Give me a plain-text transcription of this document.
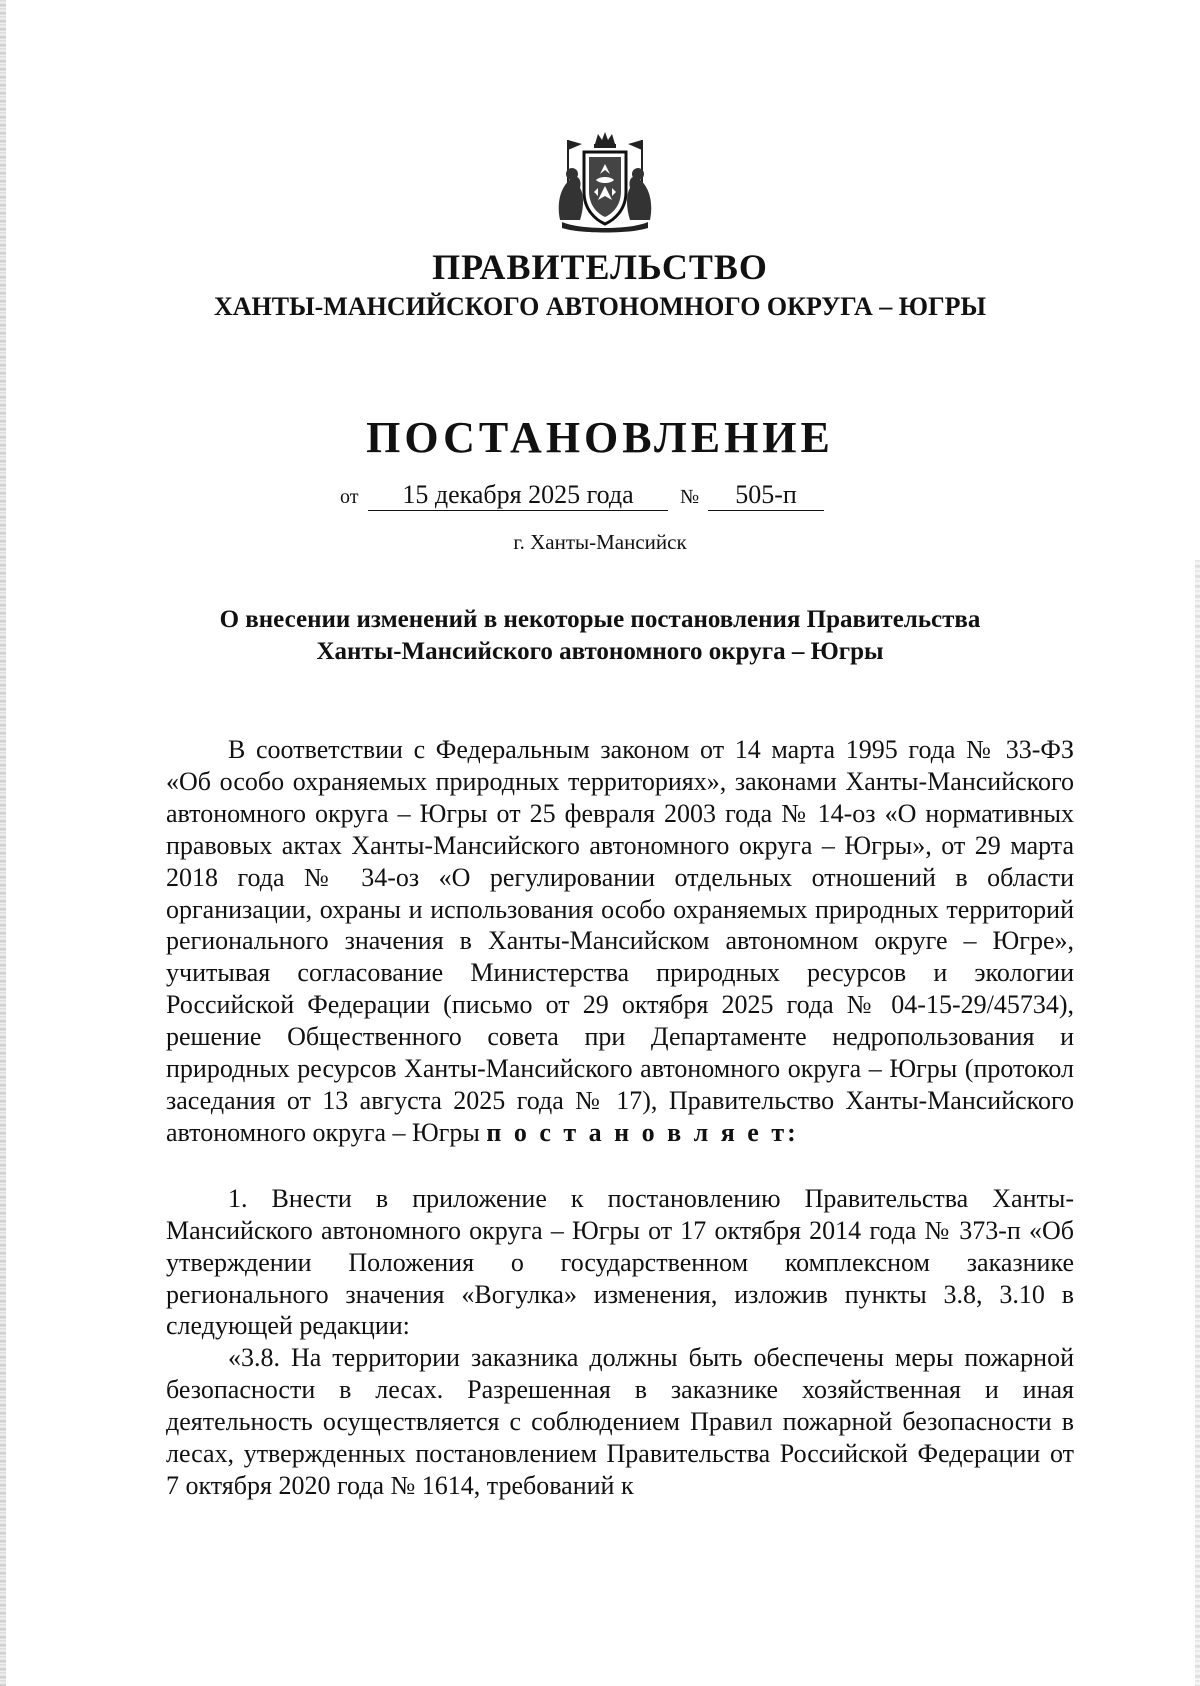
ПРАВИТЕЛЬСТВО
ХАНТЫ-МАНСИЙСКОГО АВТОНОМНОГО ОКРУГА – ЮГРЫ
ПОСТАНОВЛЕНИЕ
от	15 декабря 2025 года	№	505-п

г. Ханты-Мансийск

О внесении изменений в некоторые постановления Правительства
Ханты-Мансийского автономного округа – Югры

В соответствии с Федеральным законом от 14 марта 1995 года № 33-ФЗ «Об особо охраняемых природных территориях», законами Ханты-Мансийского автономного округа – Югры от 25 февраля 2003 года № 14-оз «О нормативных правовых актах Ханты-Мансийского автономного округа – Югры», от 29 марта 2018 года № 34-оз «О регулировании отдельных отношений в области организации, охраны и использования особо охраняемых природных территорий регионального значения в Ханты-Мансийском автономном округе – Югре», учитывая согласование Министерства природных ресурсов и экологии Российской Федерации (письмо от 29 октября 2025 года № 04-15-29/45734), решение Общественного совета при Департаменте недропользования и природных ресурсов Ханты-Мансийского автономного округа – Югры (протокол заседания от 13 августа 2025 года № 17), Правительство Ханты-Мансийского автономного округа – Югры п о с т а н о в л я е т:

1. Внести в приложение к постановлению Правительства Ханты-Мансийского автономного округа – Югры от 17 октября 2014 года № 373-п «Об утверждении Положения о государственном комплексном заказнике регионального значения «Вогулка» изменения, изложив пункты 3.8, 3.10 в следующей редакции:

«3.8. На территории заказника должны быть обеспечены меры пожарной безопасности в лесах. Разрешенная в заказнике хозяйственная и иная деятельность осуществляется с соблюдением Правил пожарной безопасности в лесах, утвержденных постановлением Правительства Российской Федерации от 7 октября 2020 года № 1614, требований к
